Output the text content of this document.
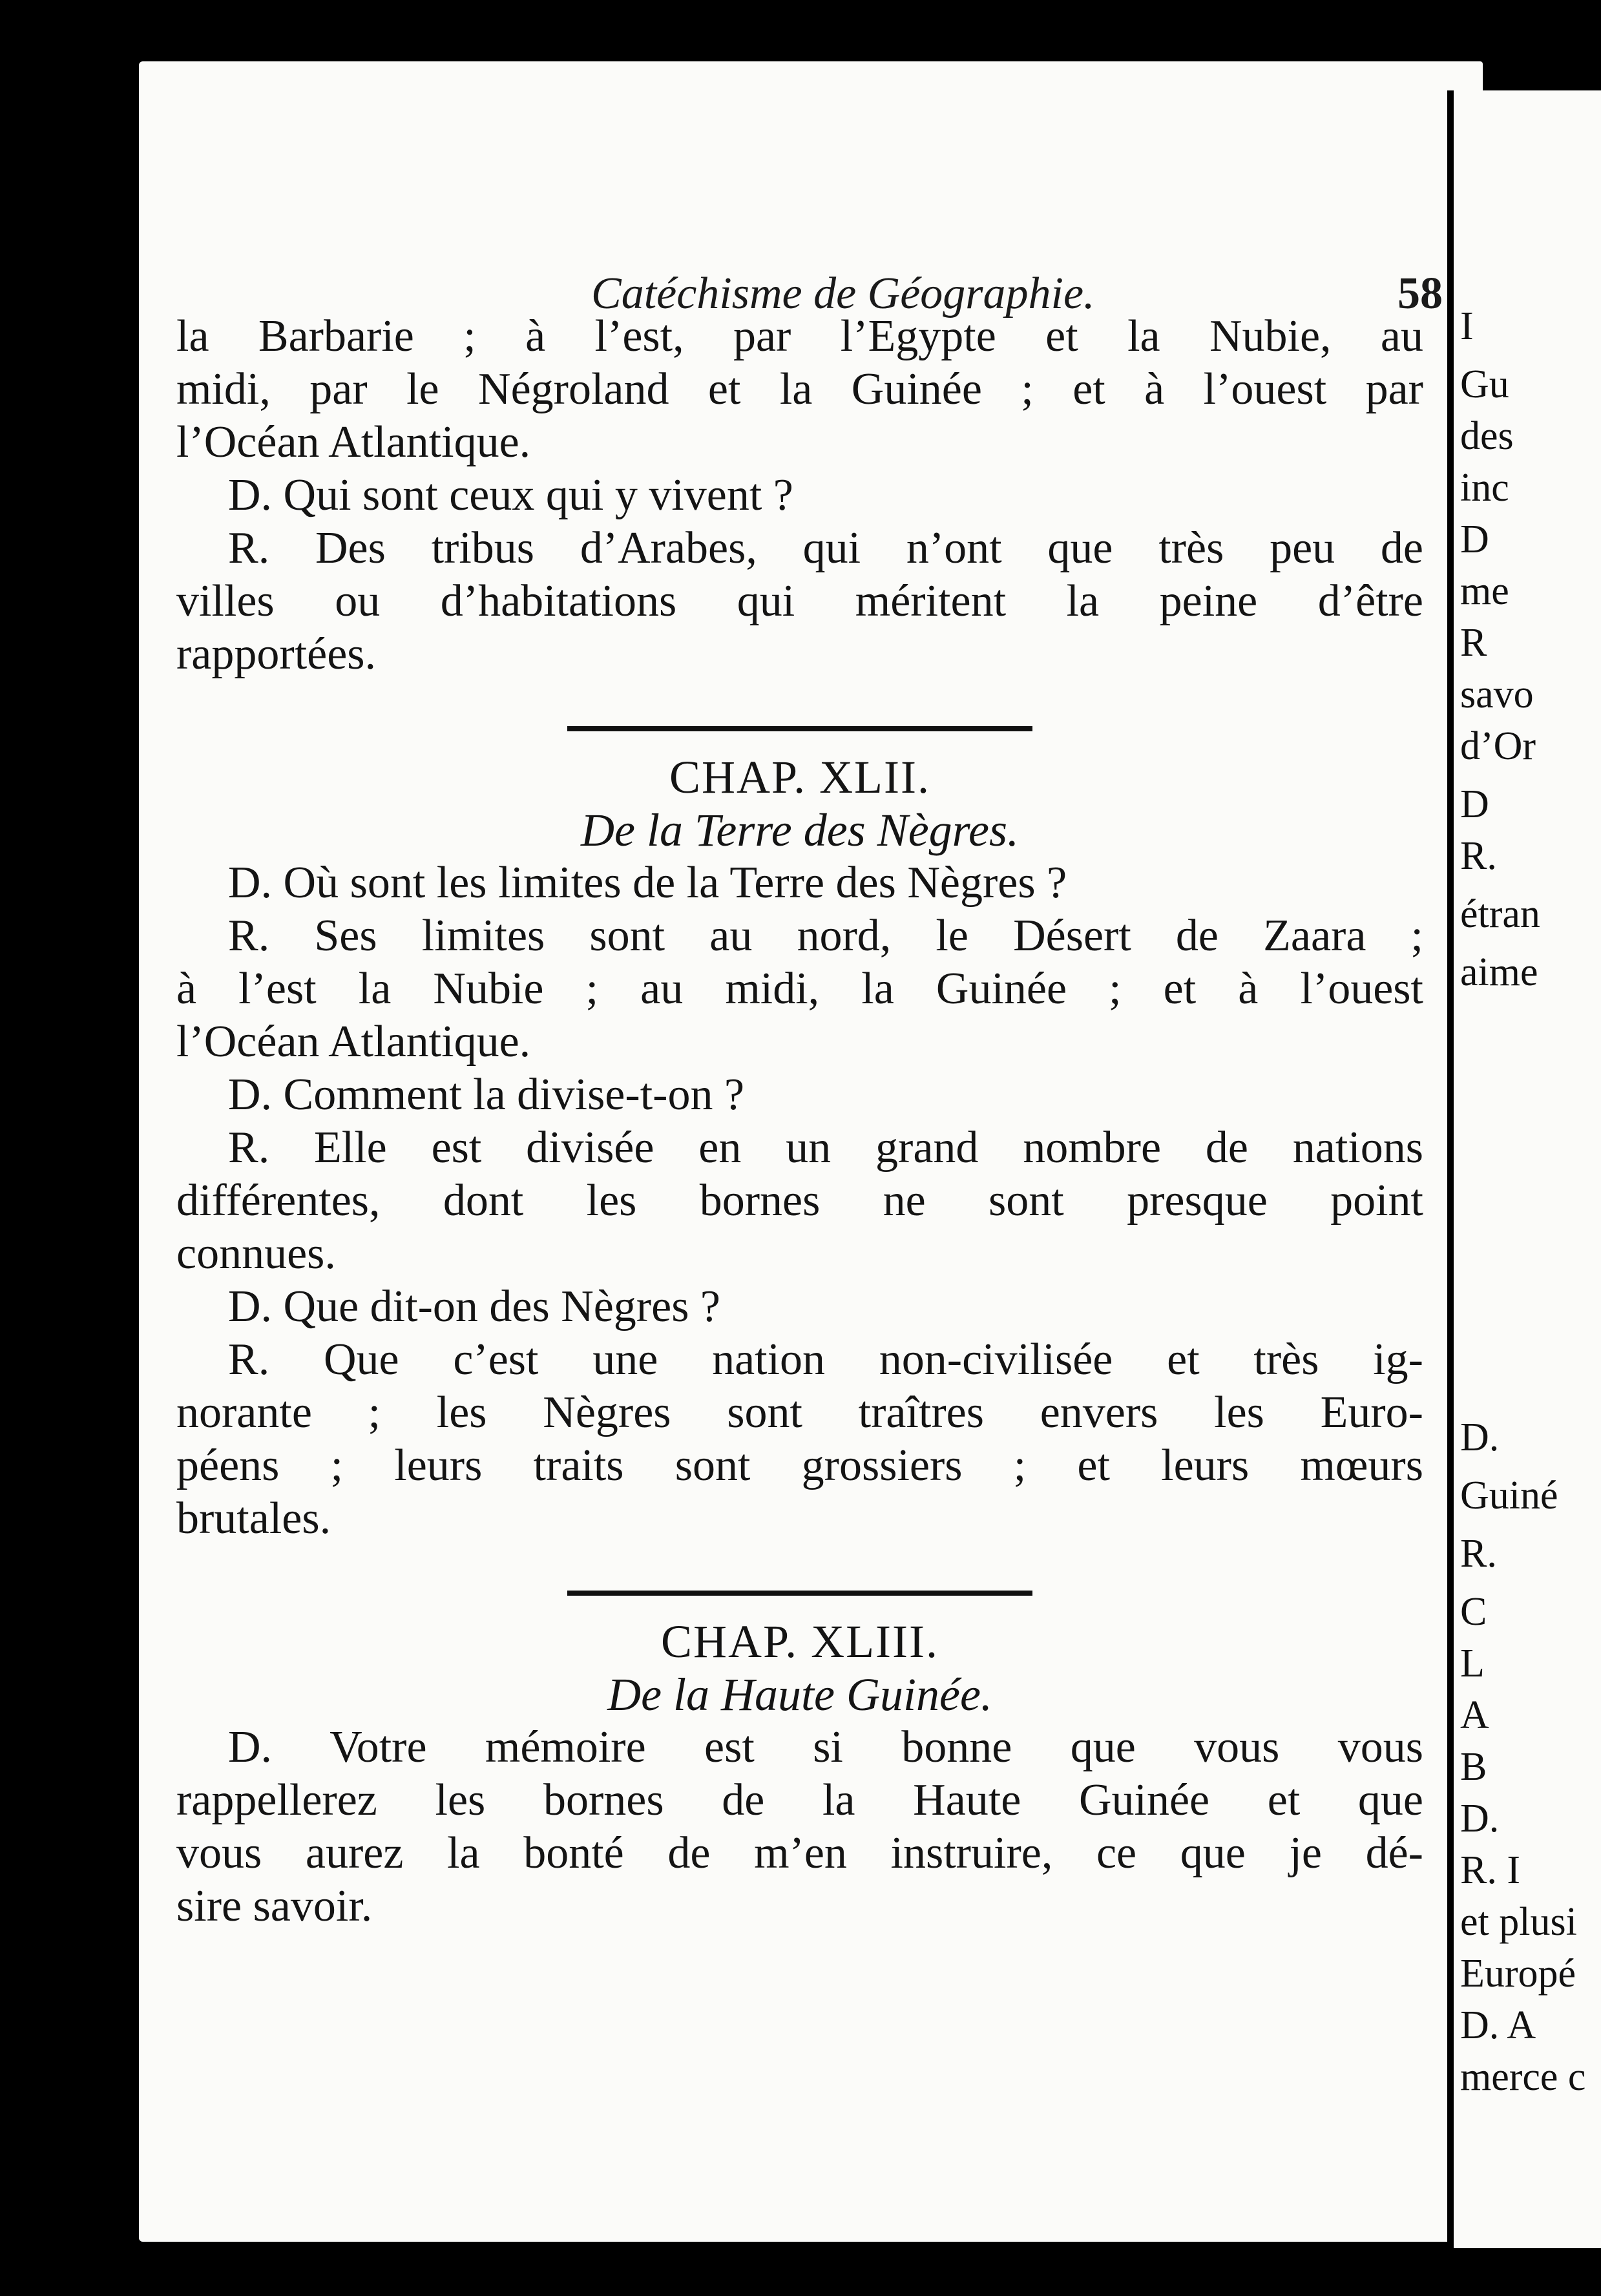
Catéchisme de Géographie.	58
I
Gu
des
inc
D
me
R
savo
d’Or
D
R.
étran
aime
D.
Guiné
R.
C
L
A
B
D.
R. I
et plusi
Europé
D. A
merce c
la Barbarie ; à l’est, par l’Egypte et la Nubie, au
midi, par le Négroland et la Guinée ; et à l’ouest par
l’Océan Atlantique.
D. Qui sont ceux qui y vivent ?
R. Des tribus d’Arabes, qui n’ont que très peu de
villes ou d’habitations qui méritent la peine d’être
rapportées.
CHAP. XLII.
De la Terre des Nègres.
D. Où sont les limites de la Terre des Nègres ?
R. Ses limites sont au nord, le Désert de Zaara ;
à l’est la Nubie ; au midi, la Guinée ; et à l’ouest
l’Océan Atlantique.
D. Comment la divise-t-on ?
R. Elle est divisée en un grand nombre de nations
différentes, dont les bornes ne sont presque point
connues.
D. Que dit-on des Nègres ?
R. Que c’est une nation non-civilisée et très ig-
norante ; les Nègres sont traîtres envers les Euro-
péens ; leurs traits sont grossiers ; et leurs mœurs
brutales.
CHAP. XLIII.
De la Haute Guinée.
D. Votre mémoire est si bonne que vous vous
rappellerez les bornes de la Haute Guinée et que
vous aurez la bonté de m’en instruire, ce que je dé-
sire savoir.
